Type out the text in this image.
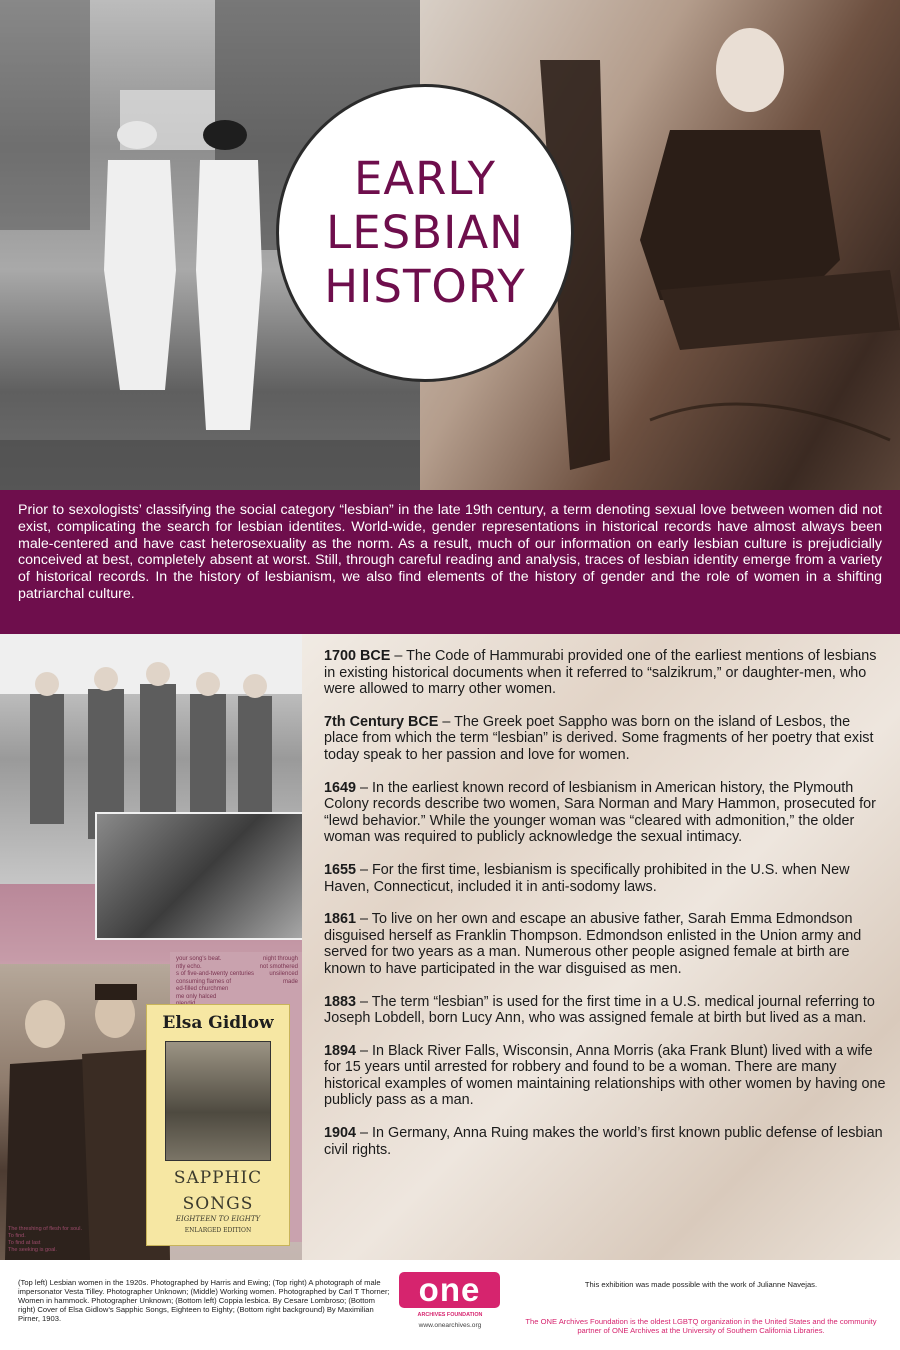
EARLY
LESBIAN
HISTORY
Prior to sexologists’ classifying the social category “lesbian” in the late 19th century, a term denoting sexual love between women did not exist, complicating the search for lesbian identites. World-wide, gender representations in historical records have almost always been male-centered and have cast heterosexuality as the norm. As a result, much of our information on early lesbian culture is prejudicially conceived at best, completely absent at worst. Still, through careful reading and analysis, traces of lesbian identity emerge from a variety of historical records. In the history of lesbianism, we also find elements of the history of gender and the role of women in a shifting patriarchal culture.
your song's beat.
ntly echo.
s of five-and-twenty centuries
consuming flames of
ed-filled churchmen
me only halced
night through
not smothered
unsilenced
made
Elsa Gidlow
SAPPHIC
SONGS
EIGHTEEN TO EIGHTY
ENLARGED EDITION
The threshing of flesh for soul.
To find.
To find at last
The seeking is goal.
1700 BCE – The Code of Hammurabi provided one of the earliest mentions of lesbians in existing historical documents when it referred to “salzikrum,” or daughter-men, who were allowed to marry other women.
7th Century BCE – The Greek poet Sappho was born on the island of Lesbos, the place from which the term “lesbian” is derived. Some fragments of her poetry that exist today speak to her passion and love for women.
1649 – In the earliest known record of lesbianism in American history, the Plymouth Colony records describe two women, Sara Norman and Mary Hammon, prosecuted for “lewd behavior.” While the younger woman was “cleared with admonition,” the older woman was required to publicly acknowledge the sexual intimacy.
1655 – For the first time, lesbianism is specifically prohibited in the U.S. when New Haven, Connecticut, included it in anti-sodomy laws.
1861 – To live on her own and escape an abusive father, Sarah Emma Edmondson disguised herself as Franklin Thompson. Edmondson enlisted in the Union army and served for two years as a man. Numerous other people asigned female at birth are known to have participated in the war disguised as men.
1883 – The term “lesbian” is used for the first time in a U.S. medical journal referring to Joseph Lobdell, born Lucy Ann, who was assigned female at birth but lived as a man.
1894 – In Black River Falls, Wisconsin, Anna Morris (aka Frank Blunt) lived with a wife for 15 years until arrested for robbery and found to be a woman. There are many historical examples of women maintaining relationships with other women by having one publicly pass as a man.
1904 – In Germany, Anna Ruing makes the world’s first known public defense of lesbian civil rights.
(Top left) Lesbian women in the 1920s. Photographed by Harris and Ewing; (Top right) A photograph of male impersonator Vesta Tilley. Photographer Unknown; (Middle) Working women. Photographed by Carl T Thorner; Women in hammock. Photographer Unknown; (Bottom left) Coppia lesbica. By Cesare Lombroso; (Bottom right) Cover of Elsa Gidlow’s Sapphic Songs, Eighteen to Eighty; (Bottom right background) By Maximilian Pirner, 1903.
one
ARCHIVES FOUNDATION
www.onearchives.org
This exhibition was made possible with the work of Julianne Navejas.
The ONE Archives Foundation is the oldest LGBTQ organization in the United States and the community partner of ONE Archives at the University of Southern California Libraries.
